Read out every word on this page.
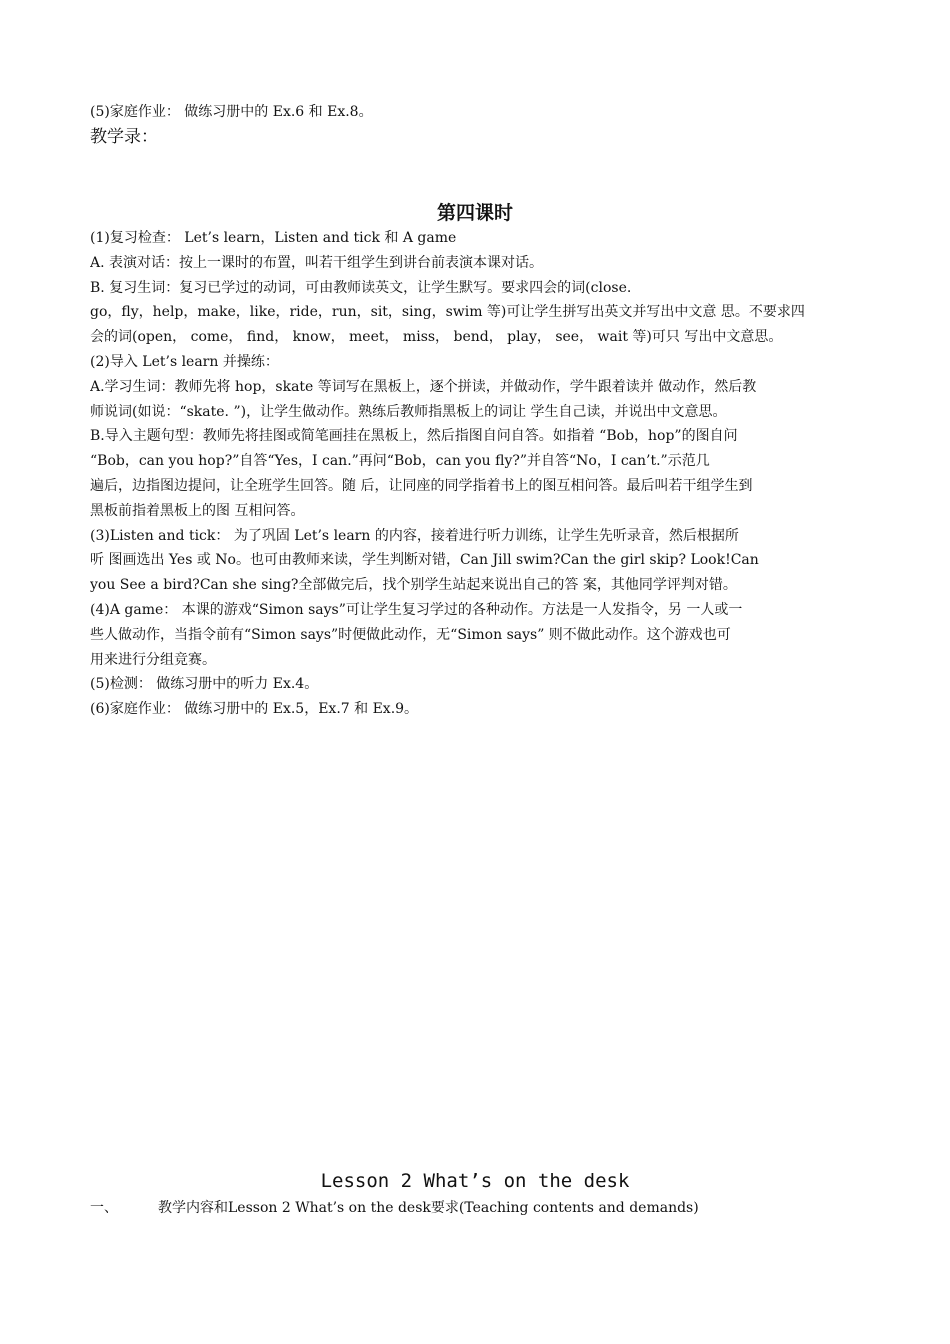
(5)家庭作业： 做练习册中的 Ex.6 和 Ex.8。
教学录：
第四课时
(1)复习检查： Let’s learn，Listen and tick 和 A game
A. 表演对话：按上一课时的布置，叫若干组学生到讲台前表演本课对话。
B. 复习生词：复习已学过的动词，可由教师读英文，让学生默写。要求四会的词(close.
go，fly，help，make，like，ride，run，sit，sing，swim 等)可让学生拼写出英文并写出中文意 思。不要求四
会的词(open， come， find， know， meet， miss， bend， play， see， wait 等)可只 写出中文意思。
(2)导入 Let’s learn 并操练：
A.学习生词：教师先将 hop，skate 等词写在黑板上，逐个拼读，并做动作，学牛跟着读并 做动作，然后教
师说词(如说：“skate. ”)，让学生做动作。熟练后教师指黑板上的词让 学生自己读，并说出中文意思。
B.导入主题句型：教师先将挂图或简笔画挂在黑板上，然后指图自问自答。如指着 “Bob，hop”的图自问
“Bob，can you hop?”自答“Yes，I can.”再问“Bob，can you fly?”并自答“No，I can’t.”示范几
遍后，边指图边提问，让全班学生回答。随 后，让同座的同学指着书上的图互相问答。最后叫若干组学生到
黑板前指着黑板上的图 互相问答。
(3)Listen and tick： 为了巩固 Let’s learn 的内容，接着进行听力训练，让学生先听录音，然后根据所
听 图画选出 Yes 或 No。也可由教师来读，学生判断对错，Can Jill swim?Can the girl skip? Look!Can
you See a bird?Can she sing?全部做完后，找个别学生站起来说出自己的答 案，其他同学评判对错。
(4)A game： 本课的游戏“Simon says”可让学生复习学过的各种动作。方法是一人发指令，另 一人或一
些人做动作，当指令前有“Simon says”时便做此动作，无“Simon says” 则不做此动作。这个游戏也可
用来进行分组竞赛。
(5)检测： 做练习册中的听力 Ex.4。
(6)家庭作业： 做练习册中的 Ex.5，Ex.7 和 Ex.9。
Lesson 2 What’s on the desk
一、	教学内容和Lesson 2 What’s on the desk要求(Teaching contents and demands)
